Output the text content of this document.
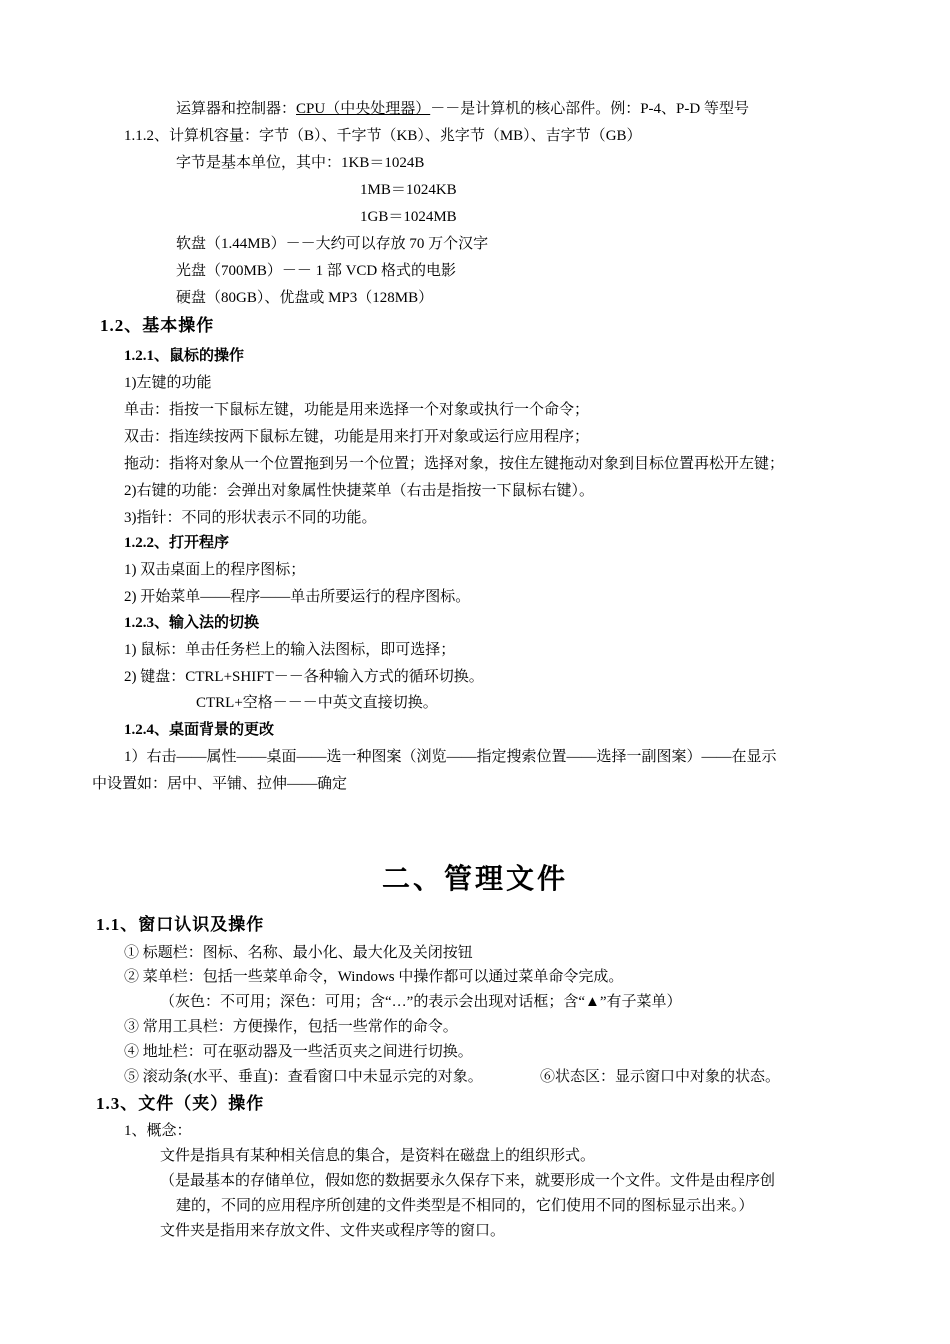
运算器和控制器：CPU（中央处理器）－－是计算机的核心部件。例：P-4、P-D 等型号
1.1.2、计算机容量：字节（B）、千字节（KB）、兆字节（MB）、吉字节（GB）
字节是基本单位，其中：1KB＝1024B
1MB＝1024KB
1GB＝1024MB
软盘（1.44MB）－－大约可以存放 70 万个汉字
光盘（700MB）－－ 1 部 VCD 格式的电影
硬盘（80GB）、优盘或 MP3（128MB）
1.2、基本操作
1.2.1、鼠标的操作
1)左键的功能
单击：指按一下鼠标左键，功能是用来选择一个对象或执行一个命令；
双击：指连续按两下鼠标左键，功能是用来打开对象或运行应用程序；
拖动：指将对象从一个位置拖到另一个位置；选择对象，按住左键拖动对象到目标位置再松开左键；
2)右键的功能：会弹出对象属性快捷菜单（右击是指按一下鼠标右键）。
3)指针：不同的形状表示不同的功能。
1.2.2、打开程序
1) 双击桌面上的程序图标；
2) 开始菜单——程序——单击所要运行的程序图标。
1.2.3、输入法的切换
1) 鼠标：单击任务栏上的输入法图标，即可选择；
2) 键盘：CTRL+SHIFT－－各种输入方式的循环切换。
CTRL+空格－－－中英文直接切换。
1.2.4、桌面背景的更改
1）右击——属性——桌面——选一种图案（浏览——指定搜索位置——选择一副图案）——在显示
中设置如：居中、平铺、拉伸——确定
二、管理文件
1.1、窗口认识及操作
① 标题栏：图标、名称、最小化、最大化及关闭按钮
② 菜单栏：包括一些菜单命令，Windows 中操作都可以通过菜单命令完成。
（灰色：不可用；深色：可用；含“…”的表示会出现对话框；含“▲”有子菜单）
③ 常用工具栏：方便操作，包括一些常作的命令。
④ 地址栏：可在驱动器及一些活页夹之间进行切换。
⑤ 滚动条(水平、垂直)：查看窗口中未显示完的对象。	⑥状态区：显示窗口中对象的状态。
1.3、文件（夹）操作
1、概念：
文件是指具有某种相关信息的集合，是资料在磁盘上的组织形式。
（是最基本的存储单位，假如您的数据要永久保存下来，就要形成一个文件。文件是由程序创
建的，不同的应用程序所创建的文件类型是不相同的，它们使用不同的图标显示出来。）
文件夹是指用来存放文件、文件夹或程序等的窗口。
